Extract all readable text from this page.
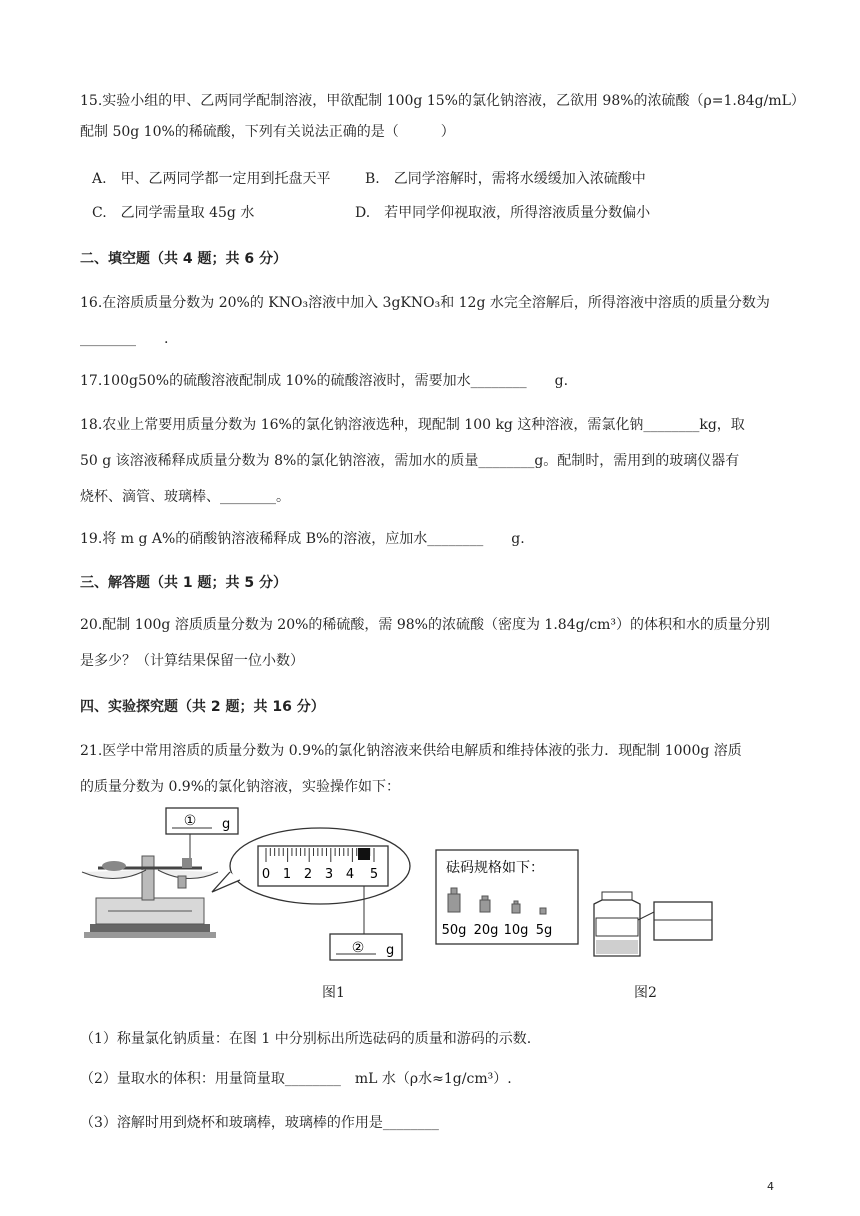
15.实验小组的甲、乙两同学配制溶液，甲欲配制 100g 15%的氯化钠溶液，乙欲用 98%的浓硫酸（ρ=1.84g/mL）
配制 50g 10%的稀硫酸，下列有关说法正确的是（　　　）
A.　甲、乙两同学都一定用到托盘天平 B.　乙同学溶解时，需将水缓缓加入浓硫酸中
C.　乙同学需量取 45g 水	D.　若甲同学仰视取液，所得溶液质量分数偏小
二、填空题（共 4 题；共 6 分）
16.在溶质质量分数为 20%的 KNO₃溶液中加入 3gKNO₃和 12g 水完全溶解后，所得溶液中溶质的质量分数为
________　　.
17.100g50%的硫酸溶液配制成 10%的硫酸溶液时，需要加水________　　g.
18.农业上常要用质量分数为 16%的氯化钠溶液选种，现配制 100 kg 这种溶液，需氯化钠________kg，取
50 g 该溶液稀释成质量分数为 8%的氯化钠溶液，需加水的质量________g。配制时，需用到的玻璃仪器有
烧杯、滴管、玻璃棒、________。
19.将 m g A%的硝酸钠溶液稀释成 B%的溶液，应加水________　　g.
三、解答题（共 1 题；共 5 分）
20.配制 100g 溶质质量分数为 20%的稀硫酸，需 98%的浓硫酸（密度为 1.84g/cm³）的体积和水的质量分别
是多少？（计算结果保留一位小数）
四、实验探究题（共 2 题；共 16 分）
21.医学中常用溶质的质量分数为 0.9%的氯化钠溶液来供给电解质和维持体液的张力．现配制 1000g 溶质
的质量分数为 0.9%的氯化钠溶液，实验操作如下：
① g
0 1 2 3 4 5
② g
砝码规格如下：
50g 20g 10g 5g
图1	图2
（1）称量氯化钠质量：在图 1 中分别标出所选砝码的质量和游码的示数.
（2）量取水的体积：用量筒量取________　mL 水（ρ水≈1g/cm³）.
（3）溶解时用到烧杯和玻璃棒，玻璃棒的作用是________
4
